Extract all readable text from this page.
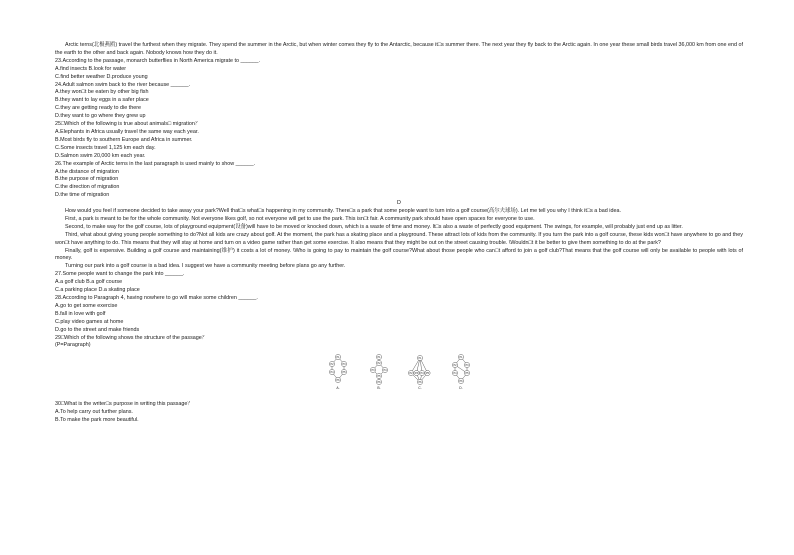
Arctic terns(北极燕鸥) travel the furthest when they migrate. They spend the summer in the Arctic, but when winter comes they fly to the Antarctic, because it□s summer there. The next year they fly back to the Arctic again. In one year these small birds travel 36,000 km from one end of the earth to the other and back again. Nobody knows how they do it.

23.According to the passage, monarch butterflies in North America migrate to ______.

A.find insects B.look for water

C.find better weather D.produce young

24.Adult salmon swim back to the river because ______.

A.they won□t be eaten by other big fish

B.they want to lay eggs in a safer place

C.they are getting ready to die there

D.they want to go where they grew up

25□Which of the following is true about animals□ migration？

A.Elephants in Africa usually travel the same way each year.

B.Most birds fly to southern Europe and Africa in summer.

C.Some insects travel 1,125 km each day.

D.Salmon swim 20,000 km each year.

26.The example of Arctic terns in the last paragraph is used mainly to show ______.

A.the distance of migration

B.the purpose of migration

C.the direction of migration

D.the time of migration

D

How would you feel if someone decided to take away your park?Well that□s what□s happening in my community. There□s a park that some people want to turn into a golf course(高尔夫球场). Let me tell you why I think it□s a bad idea.

First, a park is meant to be for the whole community. Not everyone likes golf, so not everyone will get to use the park. This isn□t fair. A community park should have open spaces for everyone to use.

Second, to make way for the golf course, lots of playground equipment(设备)will have to be moved or knocked down, which is a waste of time and money. It□s also a waste of perfectly good equipment. The swings, for example, will probably just end up as litter.

Third, what about giving young people something to do?Not all kids are crazy about golf. At the moment, the park has a skating place and a playground. These attract lots of kids from the community. If you turn the park into a golf course, these kids won□t have anywhere to go and they won□t have anything to do. This means that they will stay at home and turn on a video game rather than get some exercise. It also means that they might be out on the street causing trouble. \Wouldn□t it be better to give them something to do at the park?

Finally, golf is expensive. Building a golf course and maintaining(维护) it costs a lot of money. \Who is going to pay to maintain the golf course?What about those people who can□t afford to join a golf club?That means that the golf course will only be available to people with lots of money.

Turning our park into a golf course is a bad idea. I suggest we have a community meeting before plans go any further.

27.Some people want to change the park into ______.

A.a golf club B.a golf course

C.a parking place D.a skating place

28.According to Paragraph 4, having nowhere to go will make some children ______.

A.go to get some exercise

B.fall in love with golf

C.play video games at home

D.go to the street and make friends

29□Which of the following shows the structure of the passage？

(P=Paragraph)

P1
P2	P3
P4	P5
P6
A.
P1
P2
P3	P4
P5
P6
B.
P1
P2 P3 P4 P5
P6
C.
P1
P2	P3
P4	P5
P6
D.

30□What is the writer□s purpose in writing this passage？

A.To help carry out further plans.

B.To make the park more beautiful.
